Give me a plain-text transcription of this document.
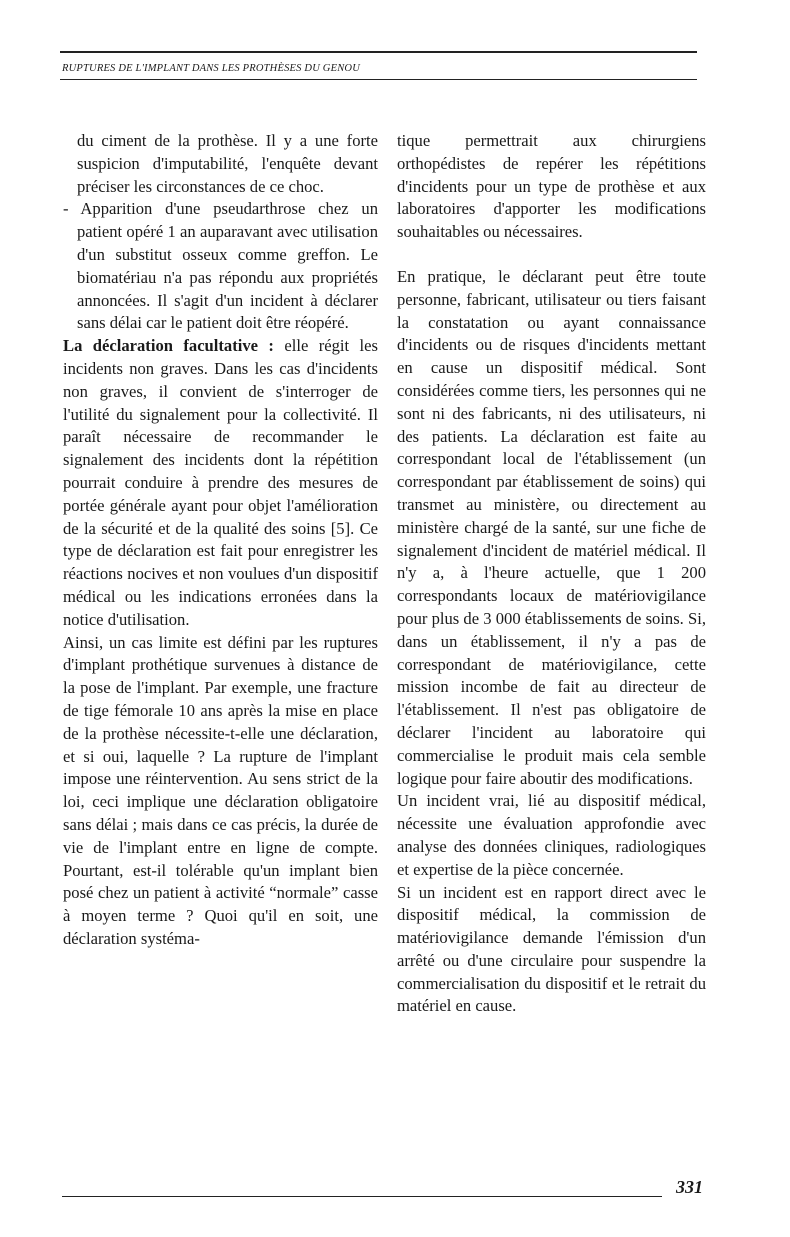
RUPTURES DE L'IMPLANT DANS LES PROTHÈSES DU GENOU

du ciment de la prothèse. Il y a une forte suspicion d'imputabilité, l'enquête devant préciser les circonstances de ce choc.

- Apparition d'une pseudarthrose chez un patient opéré 1 an auparavant avec utilisation d'un substitut osseux comme greffon. Le biomatériau n'a pas répondu aux propriétés annoncées. Il s'agit d'un incident à déclarer sans délai car le patient doit être réopéré.

La déclaration facultative : elle régit les incidents non graves. Dans les cas d'incidents non graves, il convient de s'interroger de l'utilité du signalement pour la collectivité. Il paraît nécessaire de recommander le signalement des incidents dont la répétition pourrait conduire à prendre des mesures de portée générale ayant pour objet l'amélioration de la sécurité et de la qualité des soins [5]. Ce type de déclaration est fait pour enregistrer les réactions nocives et non voulues d'un dispositif médical ou les indications erronées dans la notice d'utilisation.

Ainsi, un cas limite est défini par les ruptures d'implant prothétique survenues à distance de la pose de l'implant. Par exemple, une fracture de tige fémorale 10 ans après la mise en place de la prothèse nécessite-t-elle une déclaration, et si oui, laquelle ? La rupture de l'implant impose une réintervention. Au sens strict de la loi, ceci implique une déclaration obligatoire sans délai ; mais dans ce cas précis, la durée de vie de l'implant entre en ligne de compte. Pourtant, est-il tolérable qu'un implant bien posé chez un patient à activité “normale” casse à moyen terme ? Quoi qu'il en soit, une déclaration systéma-

tique permettrait aux chirurgiens orthopédistes de repérer les répétitions d'incidents pour un type de prothèse et aux laboratoires d'apporter les modifications souhaitables ou nécessaires.

En pratique, le déclarant peut être toute personne, fabricant, utilisateur ou tiers faisant la constatation ou ayant connaissance d'incidents ou de risques d'incidents mettant en cause un dispositif médical. Sont considérées comme tiers, les personnes qui ne sont ni des fabricants, ni des utilisateurs, ni des patients. La déclaration est faite au correspondant local de l'établissement (un correspondant par établissement de soins) qui transmet au ministère, ou directement au ministère chargé de la santé, sur une fiche de signalement d'incident de matériel médical. Il n'y a, à l'heure actuelle, que 1 200 correspondants locaux de matériovigilance pour plus de 3 000 établissements de soins. Si, dans un établissement, il n'y a pas de correspondant de matériovigilance, cette mission incombe de fait au directeur de l'établissement. Il n'est pas obligatoire de déclarer l'incident au laboratoire qui commercialise le produit mais cela semble logique pour faire aboutir des modifications.

Un incident vrai, lié au dispositif médical, nécessite une évaluation approfondie avec analyse des données cliniques, radiologiques et expertise de la pièce concernée.

Si un incident est en rapport direct avec le dispositif médical, la commission de matériovigilance demande l'émission d'un arrêté ou d'une circulaire pour suspendre la commercialisation du dispositif et le retrait du matériel en cause.

331
